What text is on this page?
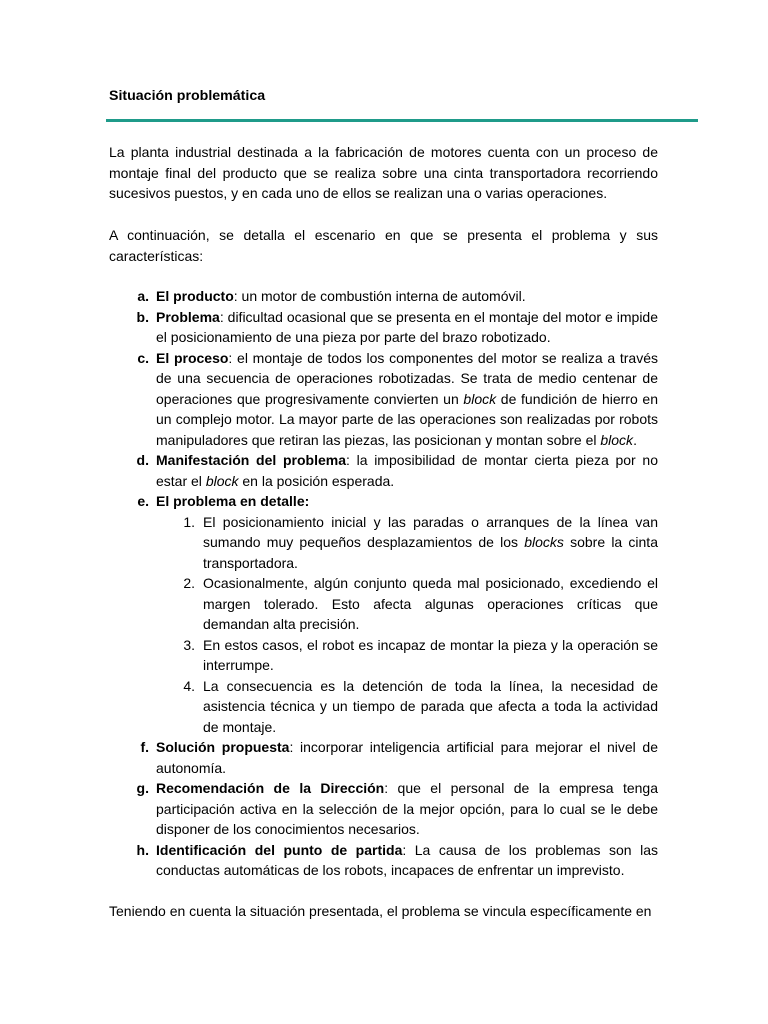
Situación problemática

La planta industrial destinada a la fabricación de motores cuenta con un proceso de montaje final del producto que se realiza sobre una cinta transportadora recorriendo sucesivos puestos, y en cada uno de ellos se realizan una o varias operaciones.

A continuación, se detalla el escenario en que se presenta el problema y sus características:

a. El producto: un motor de combustión interna de automóvil.
b. Problema: dificultad ocasional que se presenta en el montaje del motor e impide el posicionamiento de una pieza por parte del brazo robotizado.
c. El proceso: el montaje de todos los componentes del motor se realiza a través de una secuencia de operaciones robotizadas. Se trata de medio centenar de operaciones que progresivamente convierten un block de fundición de hierro en un complejo motor. La mayor parte de las operaciones son realizadas por robots manipuladores que retiran las piezas, las posicionan y montan sobre el block.
d. Manifestación del problema: la imposibilidad de montar cierta pieza por no estar el block en la posición esperada.
e. El problema en detalle:
1. El posicionamiento inicial y las paradas o arranques de la línea van sumando muy pequeños desplazamientos de los blocks sobre la cinta transportadora.
2. Ocasionalmente, algún conjunto queda mal posicionado, excediendo el margen tolerado. Esto afecta algunas operaciones críticas que demandan alta precisión.
3. En estos casos, el robot es incapaz de montar la pieza y la operación se interrumpe.
4. La consecuencia es la detención de toda la línea, la necesidad de asistencia técnica y un tiempo de parada que afecta a toda la actividad de montaje.
f. Solución propuesta: incorporar inteligencia artificial para mejorar el nivel de autonomía.
g. Recomendación de la Dirección: que el personal de la empresa tenga participación activa en la selección de la mejor opción, para lo cual se le debe disponer de los conocimientos necesarios.
h. Identificación del punto de partida: La causa de los problemas son las conductas automáticas de los robots, incapaces de enfrentar un imprevisto.

Teniendo en cuenta la situación presentada, el problema se vincula específicamente en
